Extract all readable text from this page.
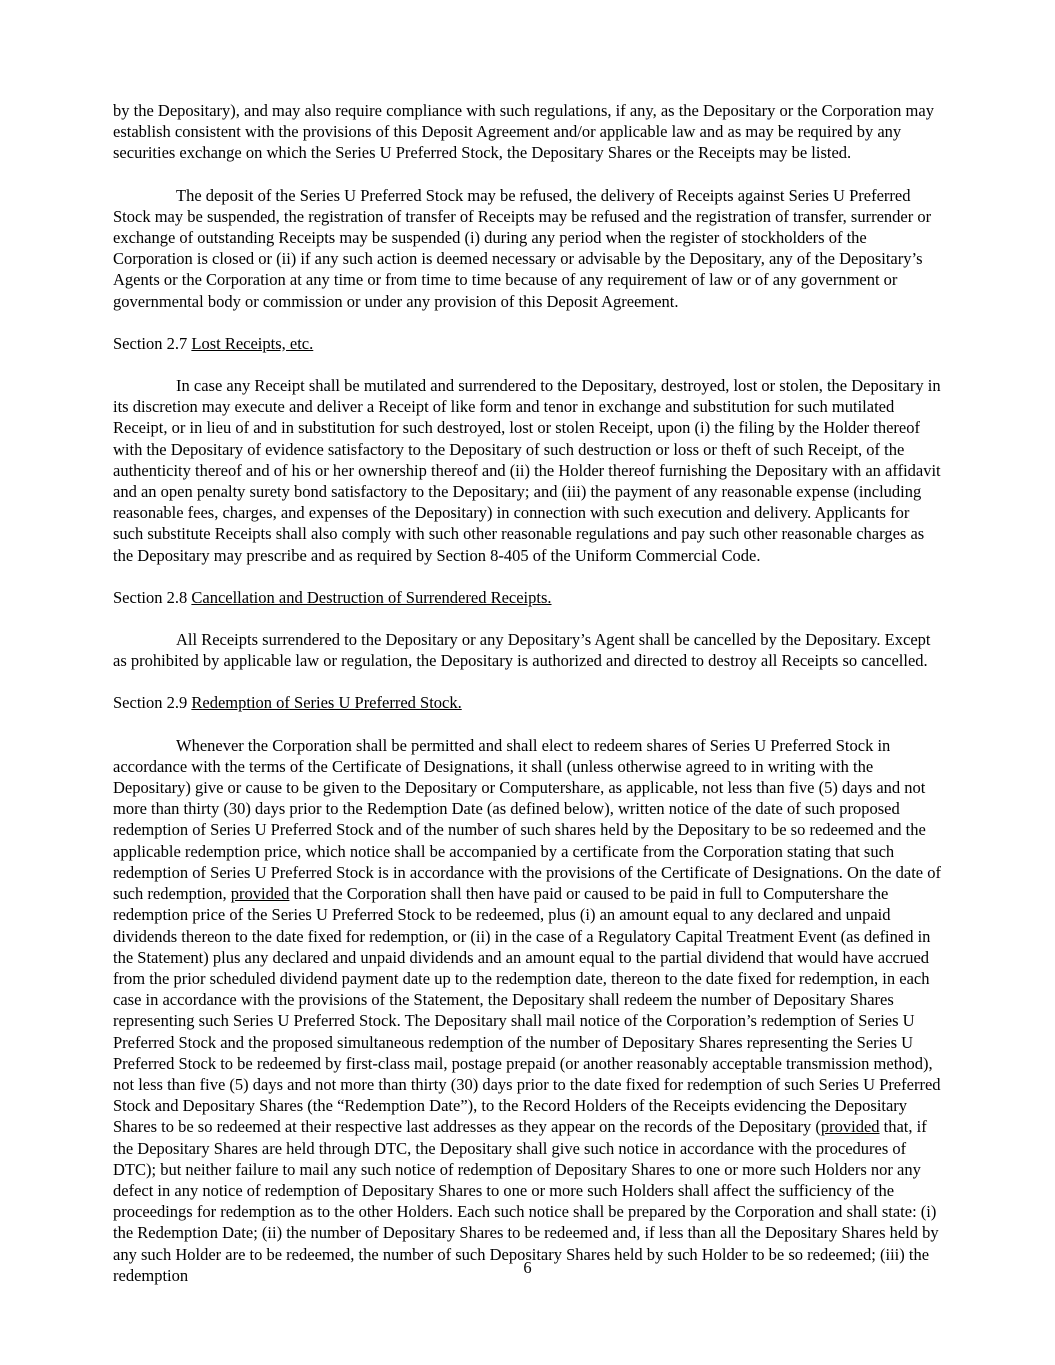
by the Depositary), and may also require compliance with such regulations, if any, as the Depositary or the Corporation may establish consistent with the provisions of this Deposit Agreement and/or applicable law and as may be required by any securities exchange on which the Series U Preferred Stock, the Depositary Shares or the Receipts may be listed.

The deposit of the Series U Preferred Stock may be refused, the delivery of Receipts against Series U Preferred Stock may be suspended, the registration of transfer of Receipts may be refused and the registration of transfer, surrender or exchange of outstanding Receipts may be suspended (i) during any period when the register of stockholders of the Corporation is closed or (ii) if any such action is deemed necessary or advisable by the Depositary, any of the Depositary’s Agents or the Corporation at any time or from time to time because of any requirement of law or of any government or governmental body or commission or under any provision of this Deposit Agreement.

Section 2.7 Lost Receipts, etc.

In case any Receipt shall be mutilated and surrendered to the Depositary, destroyed, lost or stolen, the Depositary in its discretion may execute and deliver a Receipt of like form and tenor in exchange and substitution for such mutilated Receipt, or in lieu of and in substitution for such destroyed, lost or stolen Receipt, upon (i) the filing by the Holder thereof with the Depositary of evidence satisfactory to the Depositary of such destruction or loss or theft of such Receipt, of the authenticity thereof and of his or her ownership thereof and (ii) the Holder thereof furnishing the Depositary with an affidavit and an open penalty surety bond satisfactory to the Depositary; and (iii) the payment of any reasonable expense (including reasonable fees, charges, and expenses of the Depositary) in connection with such execution and delivery. Applicants for such substitute Receipts shall also comply with such other reasonable regulations and pay such other reasonable charges as the Depositary may prescribe and as required by Section 8-405 of the Uniform Commercial Code.

Section 2.8 Cancellation and Destruction of Surrendered Receipts.

All Receipts surrendered to the Depositary or any Depositary’s Agent shall be cancelled by the Depositary. Except as prohibited by applicable law or regulation, the Depositary is authorized and directed to destroy all Receipts so cancelled.

Section 2.9 Redemption of Series U Preferred Stock.

Whenever the Corporation shall be permitted and shall elect to redeem shares of Series U Preferred Stock in accordance with the terms of the Certificate of Designations, it shall (unless otherwise agreed to in writing with the Depositary) give or cause to be given to the Depositary or Computershare, as applicable, not less than five (5) days and not more than thirty (30) days prior to the Redemption Date (as defined below), written notice of the date of such proposed redemption of Series U Preferred Stock and of the number of such shares held by the Depositary to be so redeemed and the applicable redemption price, which notice shall be accompanied by a certificate from the Corporation stating that such redemption of Series U Preferred Stock is in accordance with the provisions of the Certificate of Designations. On the date of such redemption, provided that the Corporation shall then have paid or caused to be paid in full to Computershare the redemption price of the Series U Preferred Stock to be redeemed, plus (i) an amount equal to any declared and unpaid dividends thereon to the date fixed for redemption, or (ii) in the case of a Regulatory Capital Treatment Event (as defined in the Statement) plus any declared and unpaid dividends and an amount equal to the partial dividend that would have accrued from the prior scheduled dividend payment date up to the redemption date, thereon to the date fixed for redemption, in each case in accordance with the provisions of the Statement, the Depositary shall redeem the number of Depositary Shares representing such Series U Preferred Stock. The Depositary shall mail notice of the Corporation’s redemption of Series U Preferred Stock and the proposed simultaneous redemption of the number of Depositary Shares representing the Series U Preferred Stock to be redeemed by first-class mail, postage prepaid (or another reasonably acceptable transmission method), not less than five (5) days and not more than thirty (30) days prior to the date fixed for redemption of such Series U Preferred Stock and Depositary Shares (the “Redemption Date”), to the Record Holders of the Receipts evidencing the Depositary Shares to be so redeemed at their respective last addresses as they appear on the records of the Depositary (provided that, if the Depositary Shares are held through DTC, the Depositary shall give such notice in accordance with the procedures of DTC); but neither failure to mail any such notice of redemption of Depositary Shares to one or more such Holders nor any defect in any notice of redemption of Depositary Shares to one or more such Holders shall affect the sufficiency of the proceedings for redemption as to the other Holders. Each such notice shall be prepared by the Corporation and shall state: (i) the Redemption Date; (ii) the number of Depositary Shares to be redeemed and, if less than all the Depositary Shares held by any such Holder are to be redeemed, the number of such Depositary Shares held by such Holder to be so redeemed; (iii) the redemption	6
